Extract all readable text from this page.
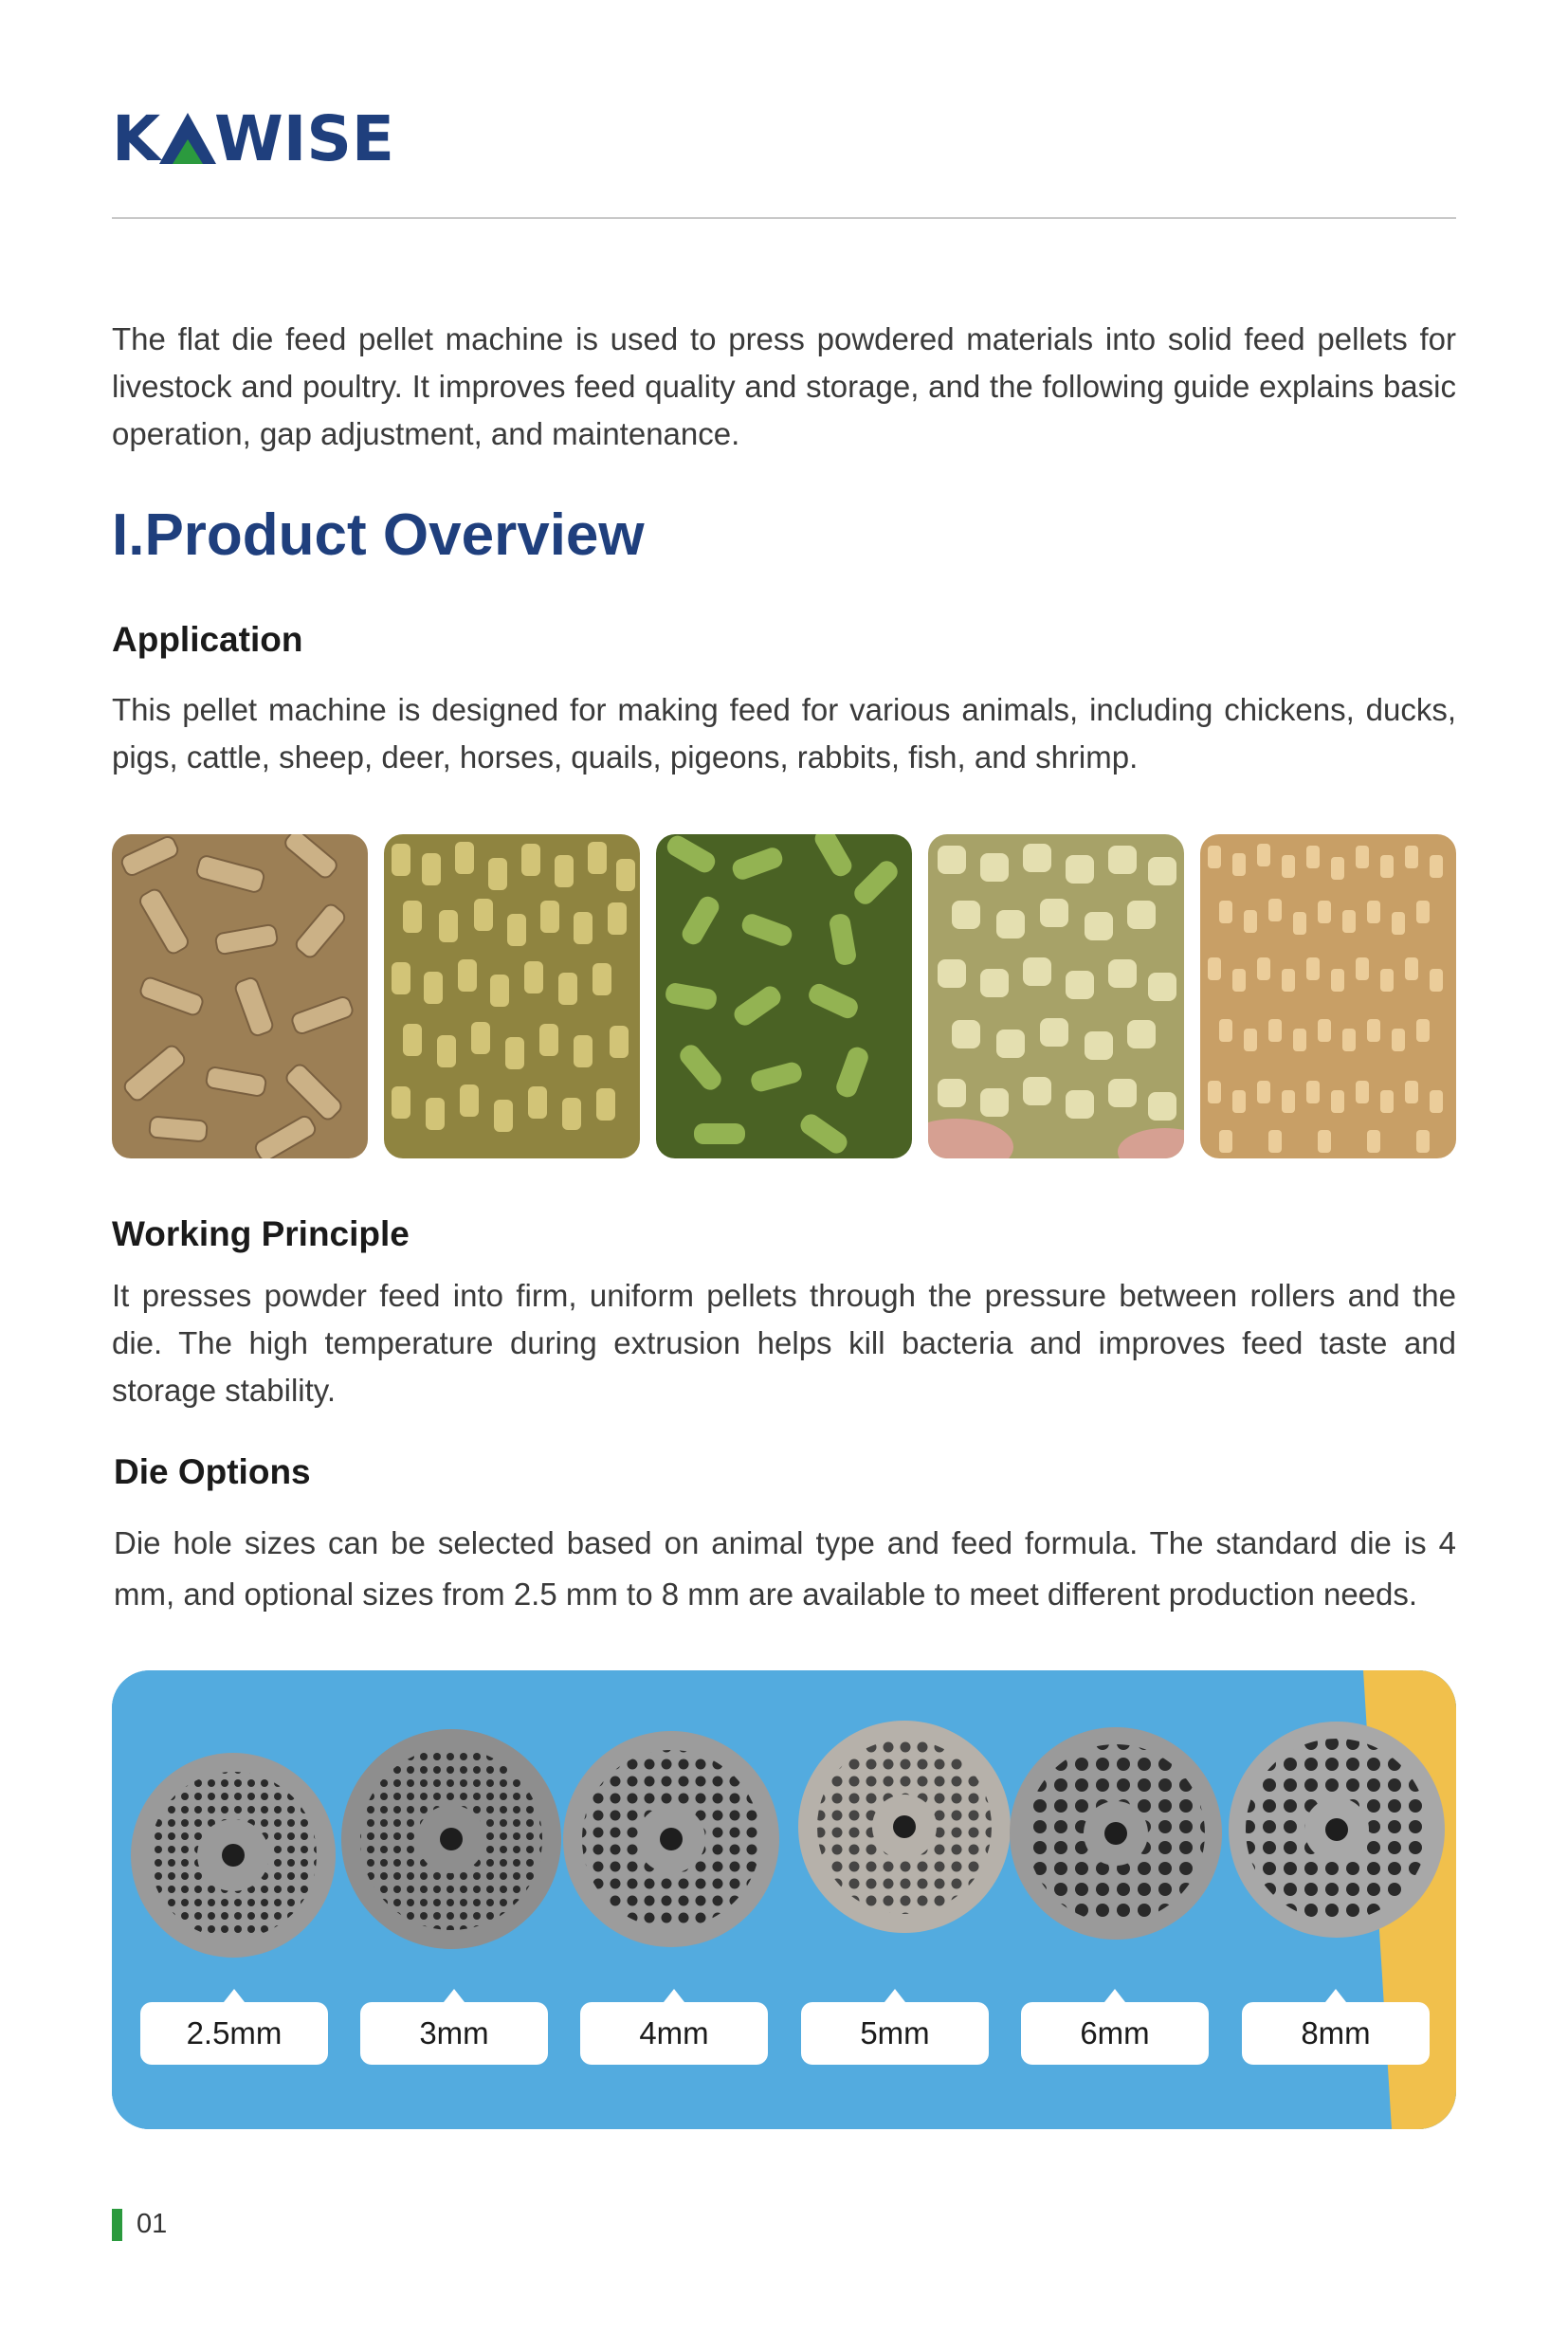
K WISE

The flat die feed pellet machine is used to press powdered materials into solid feed pellets for livestock and poultry. It improves feed quality and storage, and the following guide explains basic operation, gap adjustment, and maintenance.

I.Product Overview
Application

This pellet machine is designed for making feed for various animals, including chickens, ducks, pigs, cattle, sheep, deer, horses, quails, pigeons, rabbits, fish, and shrimp.

Working Principle

It presses powder feed into firm, uniform pellets through the pressure between rollers and the die. The high temperature during extrusion helps kill bacteria and improves feed taste and storage stability.

Die Options

Die hole sizes can be selected based on animal type and feed formula. The standard die is 4 mm, and optional sizes from 2.5 mm to 8 mm are available to meet different production needs.

2.5mm	3mm	4mm	5mm	6mm	8mm
01
